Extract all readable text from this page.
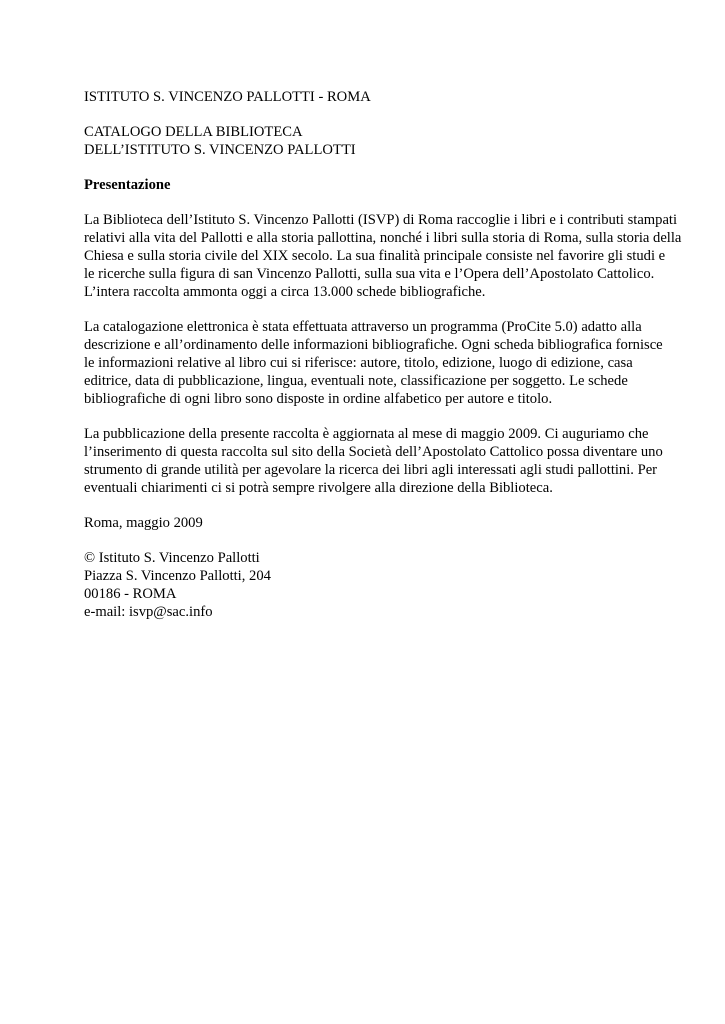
ISTITUTO S. VINCENZO PALLOTTI - ROMA
CATALOGO DELLA BIBLIOTECA
DELL’ISTITUTO S. VINCENZO PALLOTTI
Presentazione
La Biblioteca dell’Istituto S. Vincenzo Pallotti (ISVP) di Roma raccoglie i libri e i contributi stampati
relativi alla vita del Pallotti e alla storia pallottina, nonché i libri sulla storia di Roma, sulla storia della
Chiesa e sulla storia civile del XIX secolo. La sua finalità principale consiste nel favorire gli studi e
le ricerche sulla figura di san Vincenzo Pallotti, sulla sua vita e l’Opera dell’Apostolato Cattolico.
L’intera raccolta ammonta oggi a circa 13.000 schede bibliografiche.
La catalogazione elettronica è stata effettuata attraverso un programma (ProCite 5.0) adatto alla
descrizione e all’ordinamento delle informazioni bibliografiche. Ogni scheda bibliografica fornisce
le informazioni relative al libro cui si riferisce: autore, titolo, edizione, luogo di edizione, casa
editrice, data di pubblicazione, lingua, eventuali note, classificazione per soggetto. Le schede
bibliografiche di ogni libro sono disposte in ordine alfabetico per autore e titolo.
La pubblicazione della presente raccolta è aggiornata al mese di maggio 2009. Ci auguriamo che
l’inserimento di questa raccolta sul sito della Società dell’Apostolato Cattolico possa diventare uno
strumento di grande utilità per agevolare la ricerca dei libri agli interessati agli studi pallottini. Per
eventuali chiarimenti ci si potrà sempre rivolgere alla direzione della Biblioteca.
Roma, maggio 2009
© Istituto S. Vincenzo Pallotti
Piazza S. Vincenzo Pallotti, 204
00186 - ROMA
e-mail: isvp@sac.info
